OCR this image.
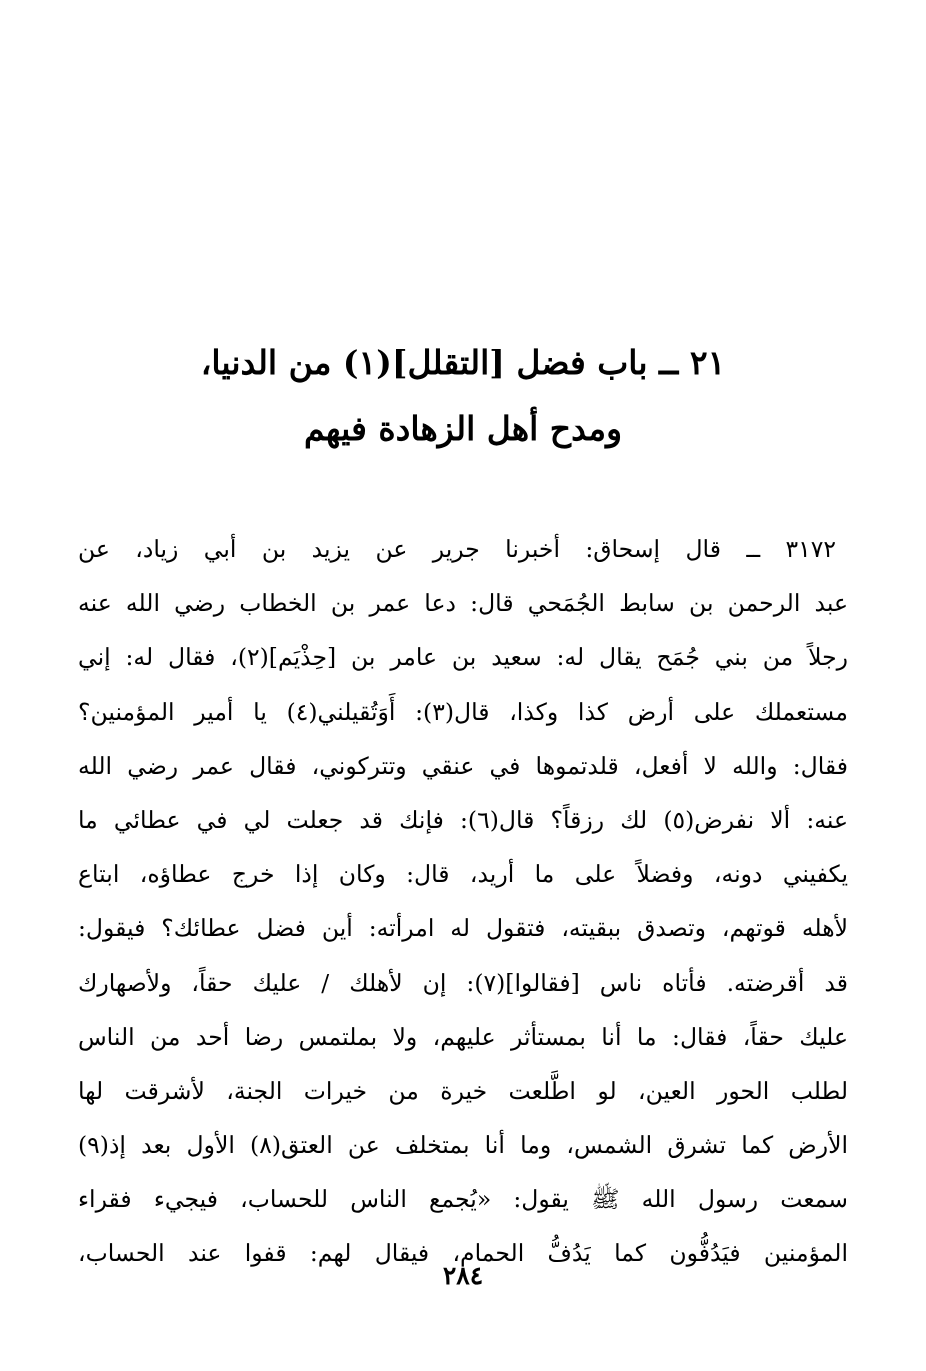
٢١ ــ باب فضل [التقلل](١) من الدنيا،
ومدح أهل الزهادة فيهم
٣١٧٢ ــ قال إسحاق: أخبرنا جرير عن يزيد بن أبي زياد، عن
عبد الرحمن بن سابط الجُمَحي قال: دعا عمر بن الخطاب رضي الله عنه
رجلاً من بني جُمَح يقال له: سعيد بن عامر بن [حِذْيَم](٢)، فقال له: إني
مستعملك على أرض كذا وكذا، قال(٣): أَوَتُقيلني(٤) يا أمير المؤمنين؟
فقال: والله لا أفعل، قلدتموها في عنقي وتتركوني، فقال عمر رضي الله
عنه: ألا نفرض(٥) لك رزقاً؟ قال(٦): فإنك قد جعلت لي في عطائي ما
يكفيني دونه، وفضلاً على ما أريد، قال: وكان إذا خرج عطاؤه، ابتاع
لأهله قوتهم، وتصدق ببقيته، فتقول له امرأته: أين فضل عطائك؟ فيقول:
قد أقرضته. فأتاه ناس [فقالوا](٧): إن لأهلك / عليك حقاً، ولأصهارك
عليك حقاً، فقال: ما أنا بمستأثر عليهم، ولا بملتمس رضا أحد من الناس
لطلب الحور العين، لو اطَّلعت خيرة من خيرات الجنة، لأشرقت لها
الأرض كما تشرق الشمس، وما أنا بمتخلف عن العتق(٨) الأول بعد إذ(٩)
سمعت رسول الله ﷺ يقول: «يُجمع الناس للحساب، فيجيء فقراء
المؤمنين فيَدُفُّون كما يَدُفُّ الحمام، فيقال لهم: قفوا عند الحساب،
٢٨٤
